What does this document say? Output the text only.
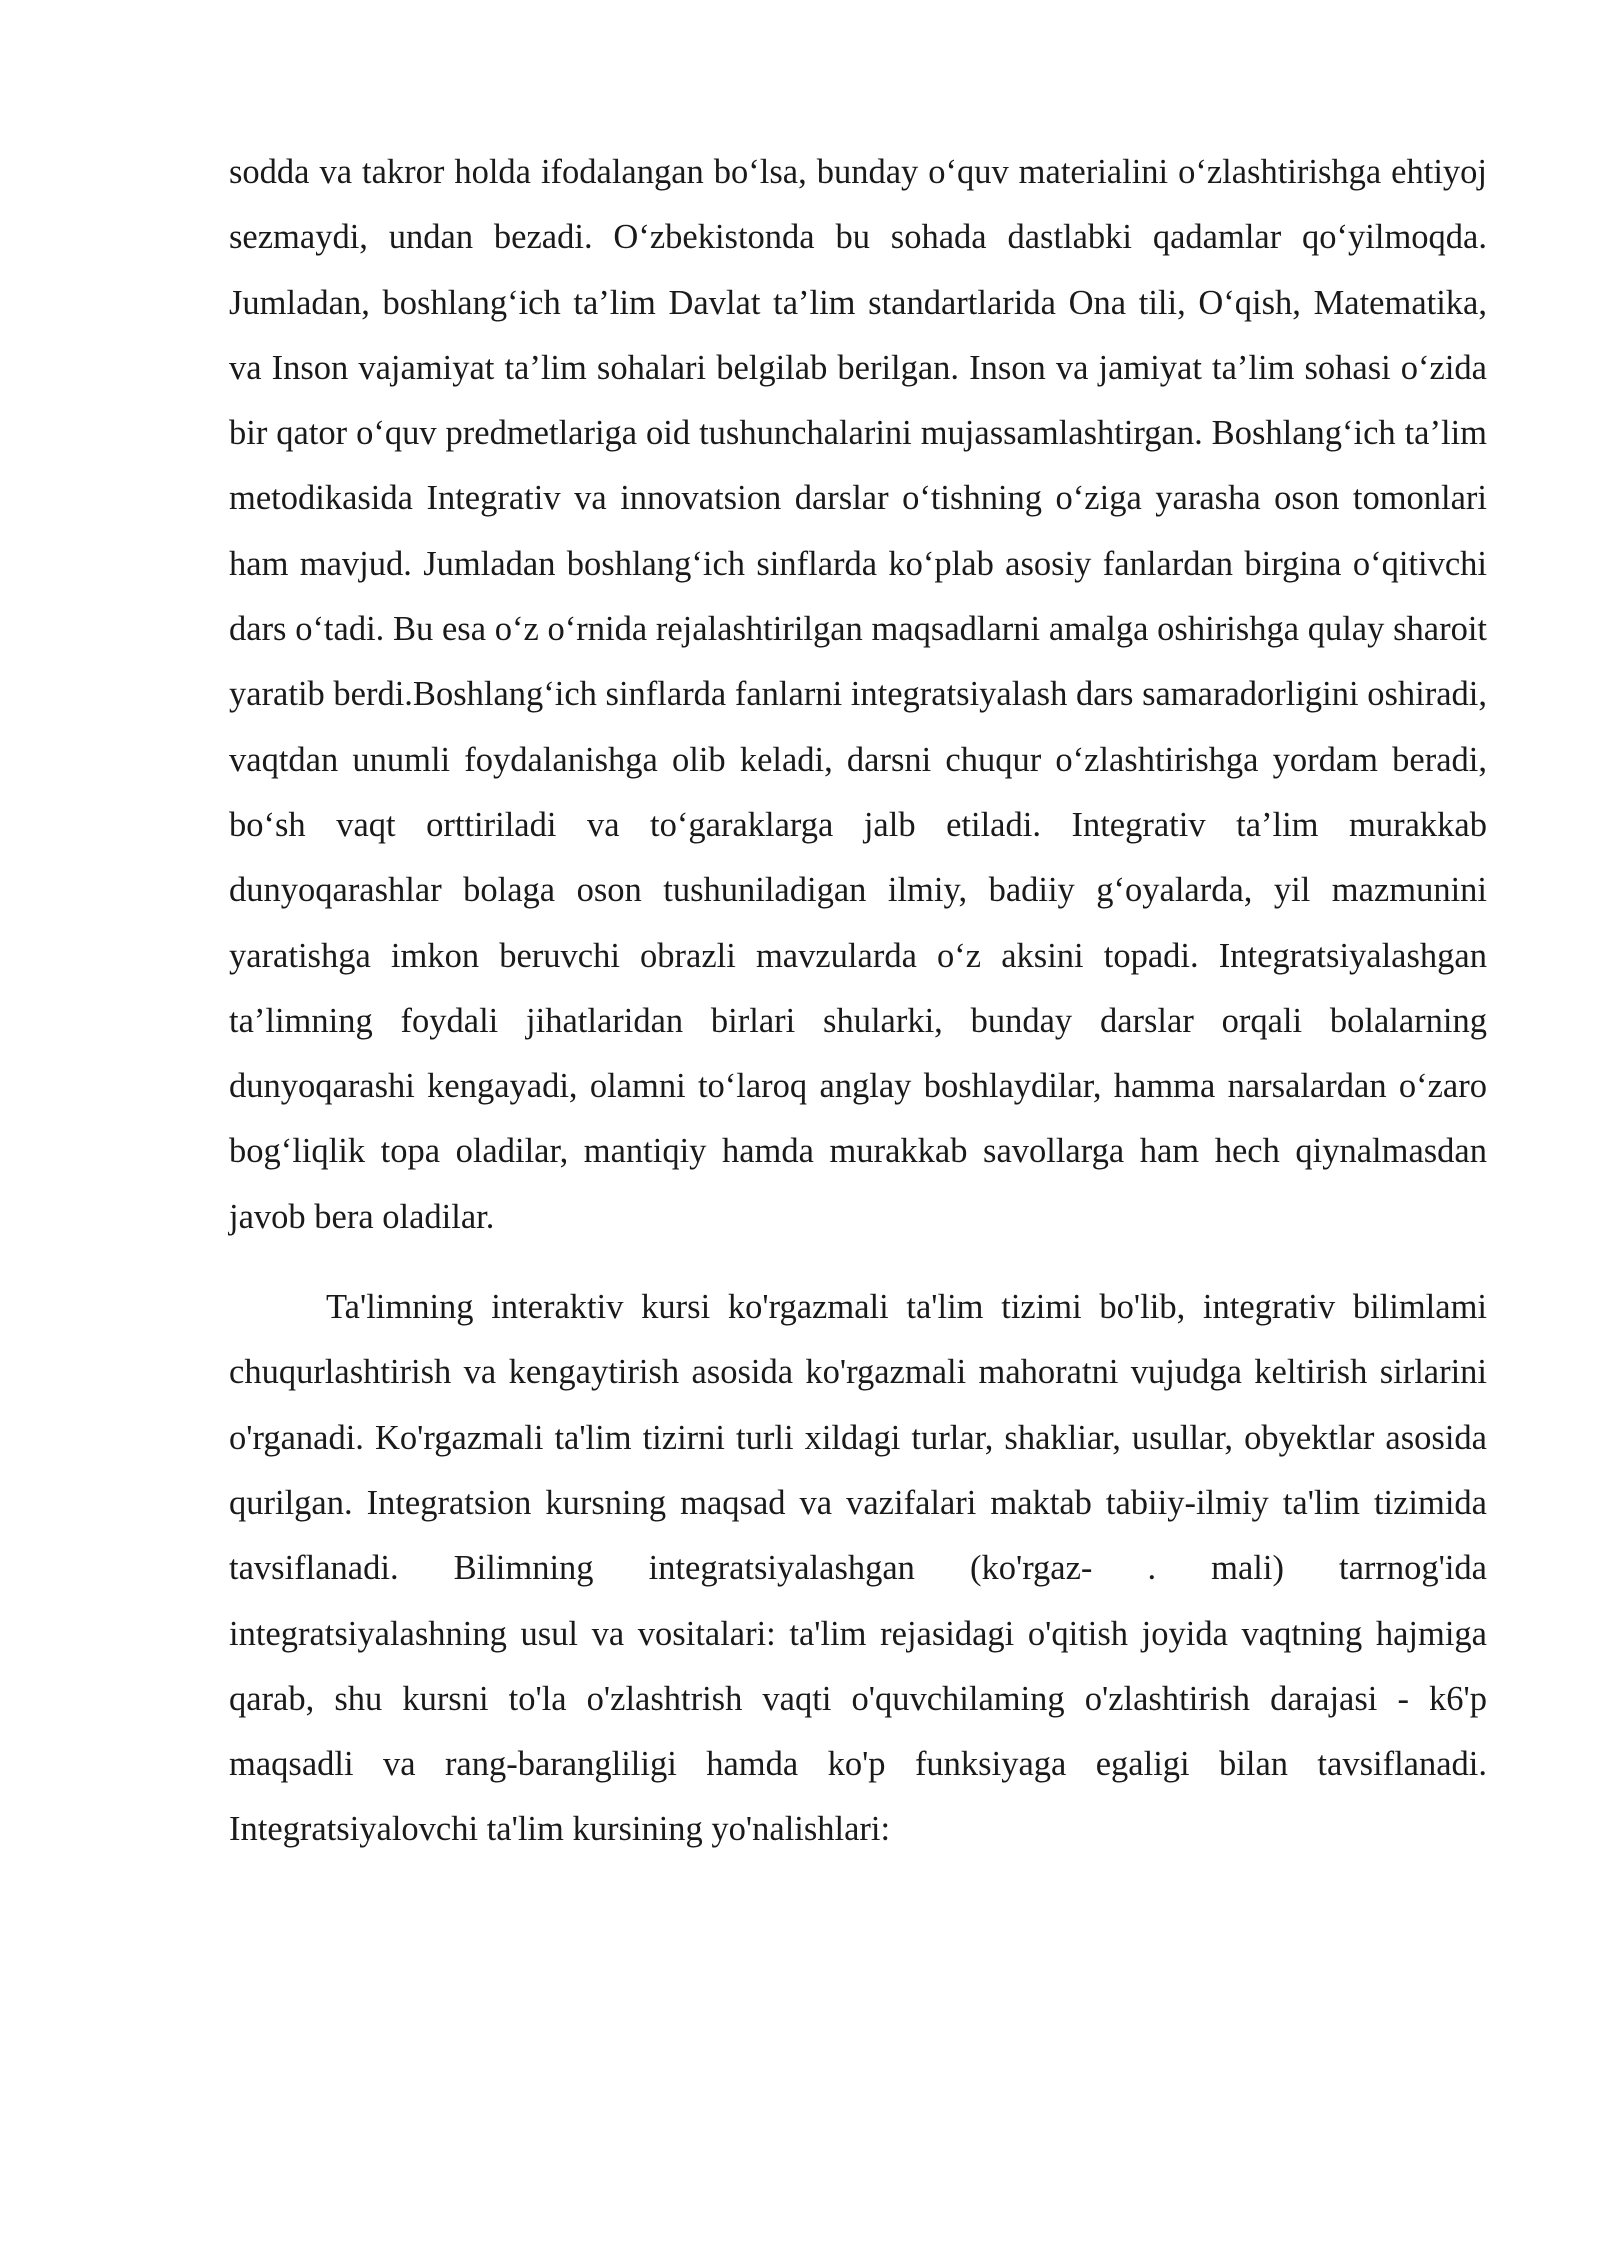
sodda va takror holda ifodalangan bo‘lsa, bunday o‘quv materialini o‘zlashtirishga ehtiyoj sezmaydi, undan bezadi. O‘zbekistonda bu sohada dastlabki qadamlar qo‘yilmoqda. Jumladan, boshlang‘ich ta’lim Davlat ta’lim standartlarida Ona tili, O‘qish, Matematika, va Inson vajamiyat ta’lim sohalari belgilab berilgan. Inson va jamiyat ta’lim sohasi o‘zida bir qator o‘quv predmetlariga oid tushunchalarini mujassamlashtirgan. Boshlang‘ich ta’lim metodikasida Integrativ va innovatsion darslar o‘tishning o‘ziga yarasha oson tomonlari ham mavjud. Jumladan boshlang‘ich sinflarda ko‘plab asosiy fanlardan birgina o‘qitivchi dars o‘tadi. Bu esa o‘z o‘rnida rejalashtirilgan maqsadlarni amalga oshirishga qulay sharoit yaratib berdi.Boshlang‘ich sinflarda fanlarni integratsiyalash dars samaradorligini oshiradi, vaqtdan unumli foydalanishga olib keladi, darsni chuqur o‘zlashtirishga yordam beradi, bo‘sh vaqt orttiriladi va to‘garaklarga jalb etiladi. Integrativ ta’lim murakkab dunyoqarashlar bolaga oson tushuniladigan ilmiy, badiiy g‘oyalarda, yil mazmunini yaratishga imkon beruvchi obrazli mavzularda o‘z aksini topadi. Integratsiyalashgan ta’limning foydali jihatlaridan birlari shularki, bunday darslar orqali bolalarning dunyoqarashi kengayadi, olamni to‘laroq anglay boshlaydilar, hamma narsalardan o‘zaro bog‘liqlik topa oladilar, mantiqiy hamda murakkab savollarga ham hech qiynalmasdan javob bera oladilar.

Ta'limning interaktiv kursi ko'rgazmali ta'lim tizimi bo'lib, integrativ bilimlami chuqurlashtirish va kengaytirish asosida ko'rgazmali mahoratni vujudga keltirish sirlarini o'rganadi. Ko'rgazmali ta'lim tizirni turli xildagi turlar, shakliar, usullar, obyektlar asosida qurilgan. Integratsion kursning maqsad va vazifalari maktab tabiiy-ilmiy ta'lim tizimida tavsiflanadi. Bilimning integratsiyalashgan (ko'rgaz- . mali) tarrnog'ida integratsiyalashning usul va vositalari: ta'lim rejasidagi o'qitish joyida vaqtning hajmiga qarab, shu kursni to'la o'zlashtrish vaqti o'quvchilaming o'zlashtirish darajasi - k6'p maqsadli va rang-barangliligi hamda ko'p funksiyaga egaligi bilan tavsiflanadi. Integratsiyalovchi ta'lim kursining yo'nalishlari:
